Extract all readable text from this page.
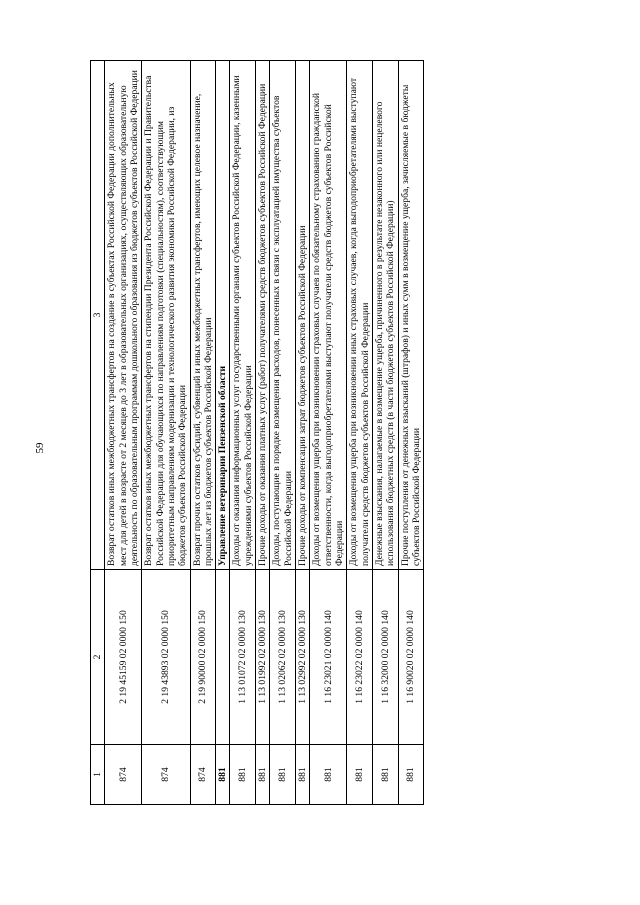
59
1	2	3
874	2 19 45159 02 0000 150	Возврат остатков иных межбюджетных трансфертов на создание в субъектах Российской Федерации дополнительных мест для детей в возрасте от 2 месяцев до 3 лет в образовательных организациях, осуществляющих образовательную деятельность по образовательным программам дошкольного образования из бюджетов субъектов Российской Федерации
874	2 19 43893 02 0000 150	Возврат остатков иных межбюджетных трансфертов на стипендии Президента Российской Федерации и Правительства Российской Федерации для обучающихся по направлениям подготовки (специальностям), соответствующим приоритетным направлениям модернизации и технологического развития экономики Российской Федерации, из бюджетов субъектов Российской Федерации
874	2 19 90000 02 0000 150	Возврат прочих остатков субсидий, субвенций и иных межбюджетных трансфертов, имеющих целевое назначение, прошлых лет из бюджетов субъектов Российской Федерации
881		Управление ветеринарии Пензенской области
881	1 13 01072 02 0000 130	Доходы от оказания информационных услуг государственными органами субъектов Российской Федерации, казенными учреждениями субъектов Российской Федерации
881	1 13 01992 02 0000 130	Прочие доходы от оказания платных услуг (работ) получателями средств бюджетов субъектов Российской Федерации
881	1 13 02062 02 0000 130	Доходы, поступающие в порядке возмещения расходов, понесенных в связи с эксплуатацией имущества субъектов Российской Федерации
881	1 13 02992 02 0000 130	Прочие доходы от компенсации затрат бюджетов субъектов Российской Федерации
881	1 16 23021 02 0000 140	Доходы от возмещения ущерба при возникновении страховых случаев по обязательному страхованию гражданской ответственности, когда выгодоприобретателями выступают получатели средств бюджетов субъектов Российской Федерации
881	1 16 23022 02 0000 140	Доходы от возмещения ущерба при возникновении иных страховых случаев, когда выгодоприобретателями выступают получатели средств бюджетов субъектов Российской Федерации
881	1 16 32000 02 0000 140	Денежные взыскания, налагаемые в возмещение ущерба, причиненного в результате незаконного или нецелевого использования бюджетных средств (в части бюджетов субъектов Российской Федерации)
881	1 16 90020 02 0000 140	Прочие поступления от денежных взысканий (штрафов) и иных сумм в возмещение ущерба, зачисляемые в бюджеты субъектов Российской Федерации
